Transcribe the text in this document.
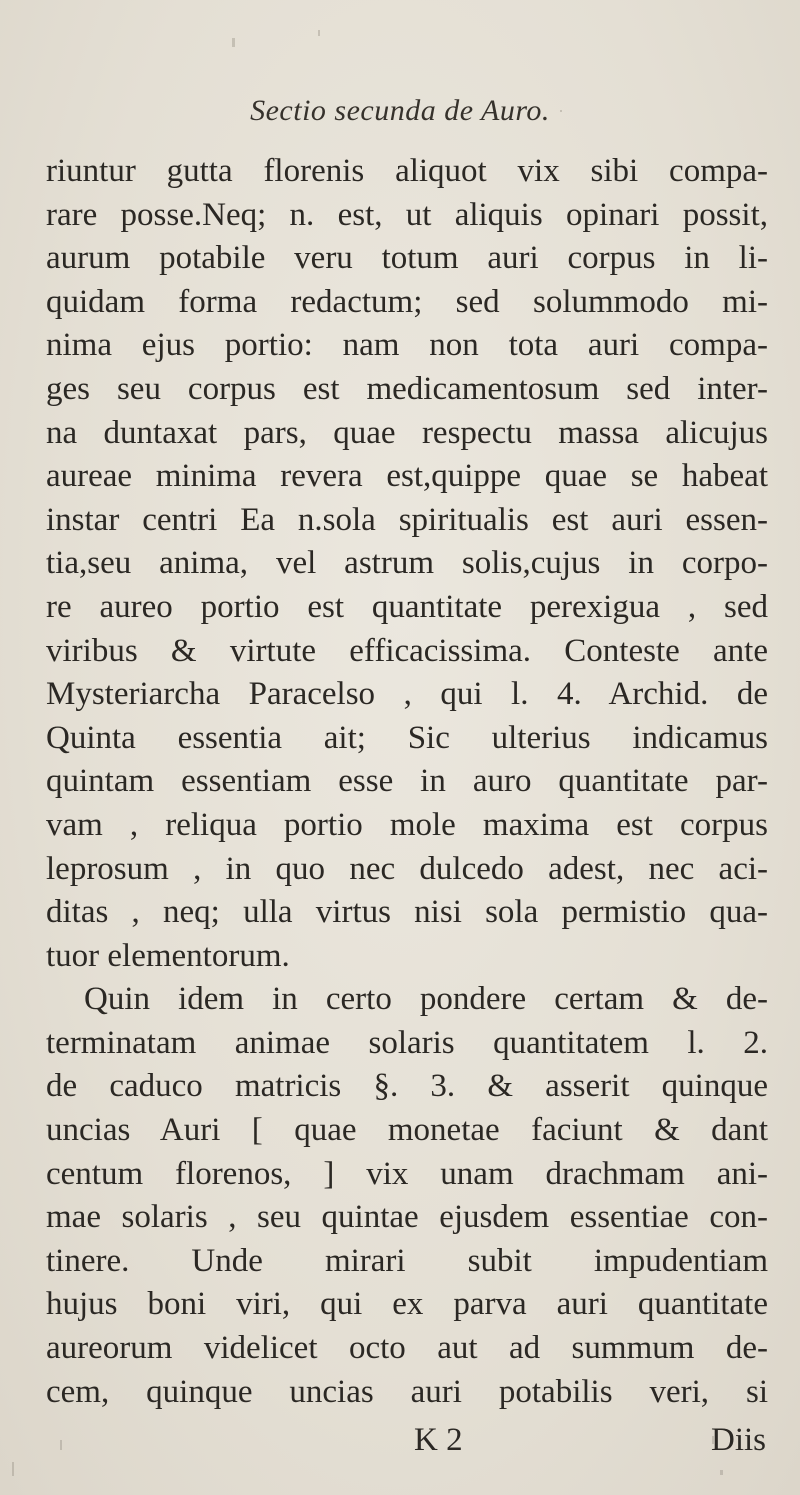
Sectio secunda de Auro.
riuntur gutta florenis aliquot vix sibi compa-
rare posse.Neq; n. est, ut aliquis opinari possit,
aurum potabile veru totum auri corpus in li-
quidam forma redactum; sed solummodo mi-
nima ejus portio: nam non tota auri compa-
ges seu corpus est medicamentosum sed inter-
na duntaxat pars, quae respectu massa alicujus
aureae minima revera est,quippe quae se habeat
instar centri Ea n.sola spiritualis est auri essen-
tia,seu anima, vel astrum solis,cujus in corpo-
re aureo portio est quantitate perexigua , sed
viribus & virtute efficacissima. Conteste ante
Mysteriarcha Paracelso , qui l. 4. Archid. de
Quinta essentia ait; Sic ulterius indicamus
quintam essentiam esse in auro quantitate par-
vam , reliqua portio mole maxima est corpus
leprosum , in quo nec dulcedo adest, nec aci-
ditas , neq; ulla virtus nisi sola permistio qua-
tuor elementorum.
Quin idem in certo pondere certam & de-
terminatam animae solaris quantitatem l. 2.
de caduco matricis §. 3. & asserit quinque
uncias Auri [ quae monetae faciunt & dant
centum florenos, ] vix unam drachmam ani-
mae solaris , seu quintae ejusdem essentiae con-
tinere. Unde mirari subit impudentiam
hujus boni viri, qui ex parva auri quantitate
aureorum videlicet octo aut ad summum de-
cem, quinque uncias auri potabilis veri, si
K 2	Diis
